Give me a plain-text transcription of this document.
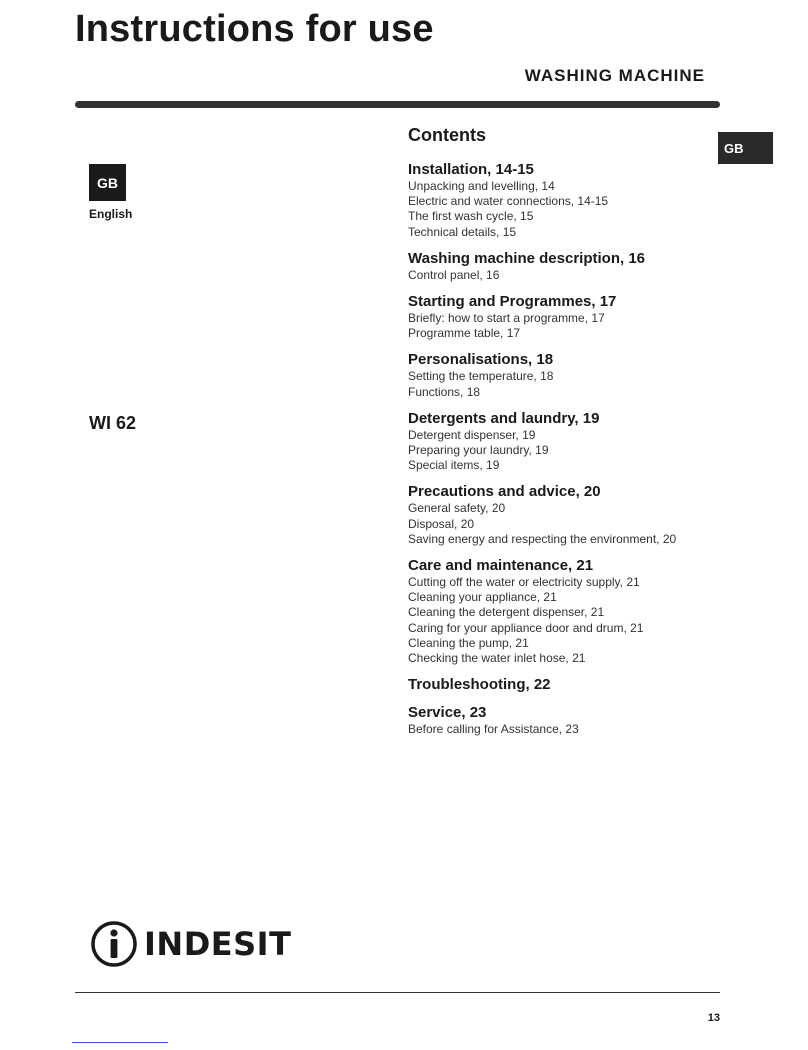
Instructions for use
WASHING MACHINE
GB
GB
English
WI 62
Contents
Installation, 14-15
Unpacking and levelling, 14
Electric and water connections, 14-15
The first wash cycle, 15
Technical details, 15
Washing machine description, 16
Control panel, 16
Starting and Programmes, 17
Briefly: how to start a programme, 17
Programme table, 17
Personalisations, 18
Setting the temperature, 18
Functions, 18
Detergents and laundry, 19
Detergent dispenser, 19
Preparing your laundry, 19
Special items, 19
Precautions and advice, 20
General safety, 20
Disposal, 20
Saving energy and respecting the environment, 20
Care and maintenance, 21
Cutting off the water or electricity supply, 21
Cleaning your appliance, 21
Cleaning the detergent dispenser, 21
Caring for your appliance door and drum, 21
Cleaning the pump, 21
Checking the water inlet hose, 21
Troubleshooting, 22
Service, 23
Before calling for Assistance, 23
INDESIT
13
